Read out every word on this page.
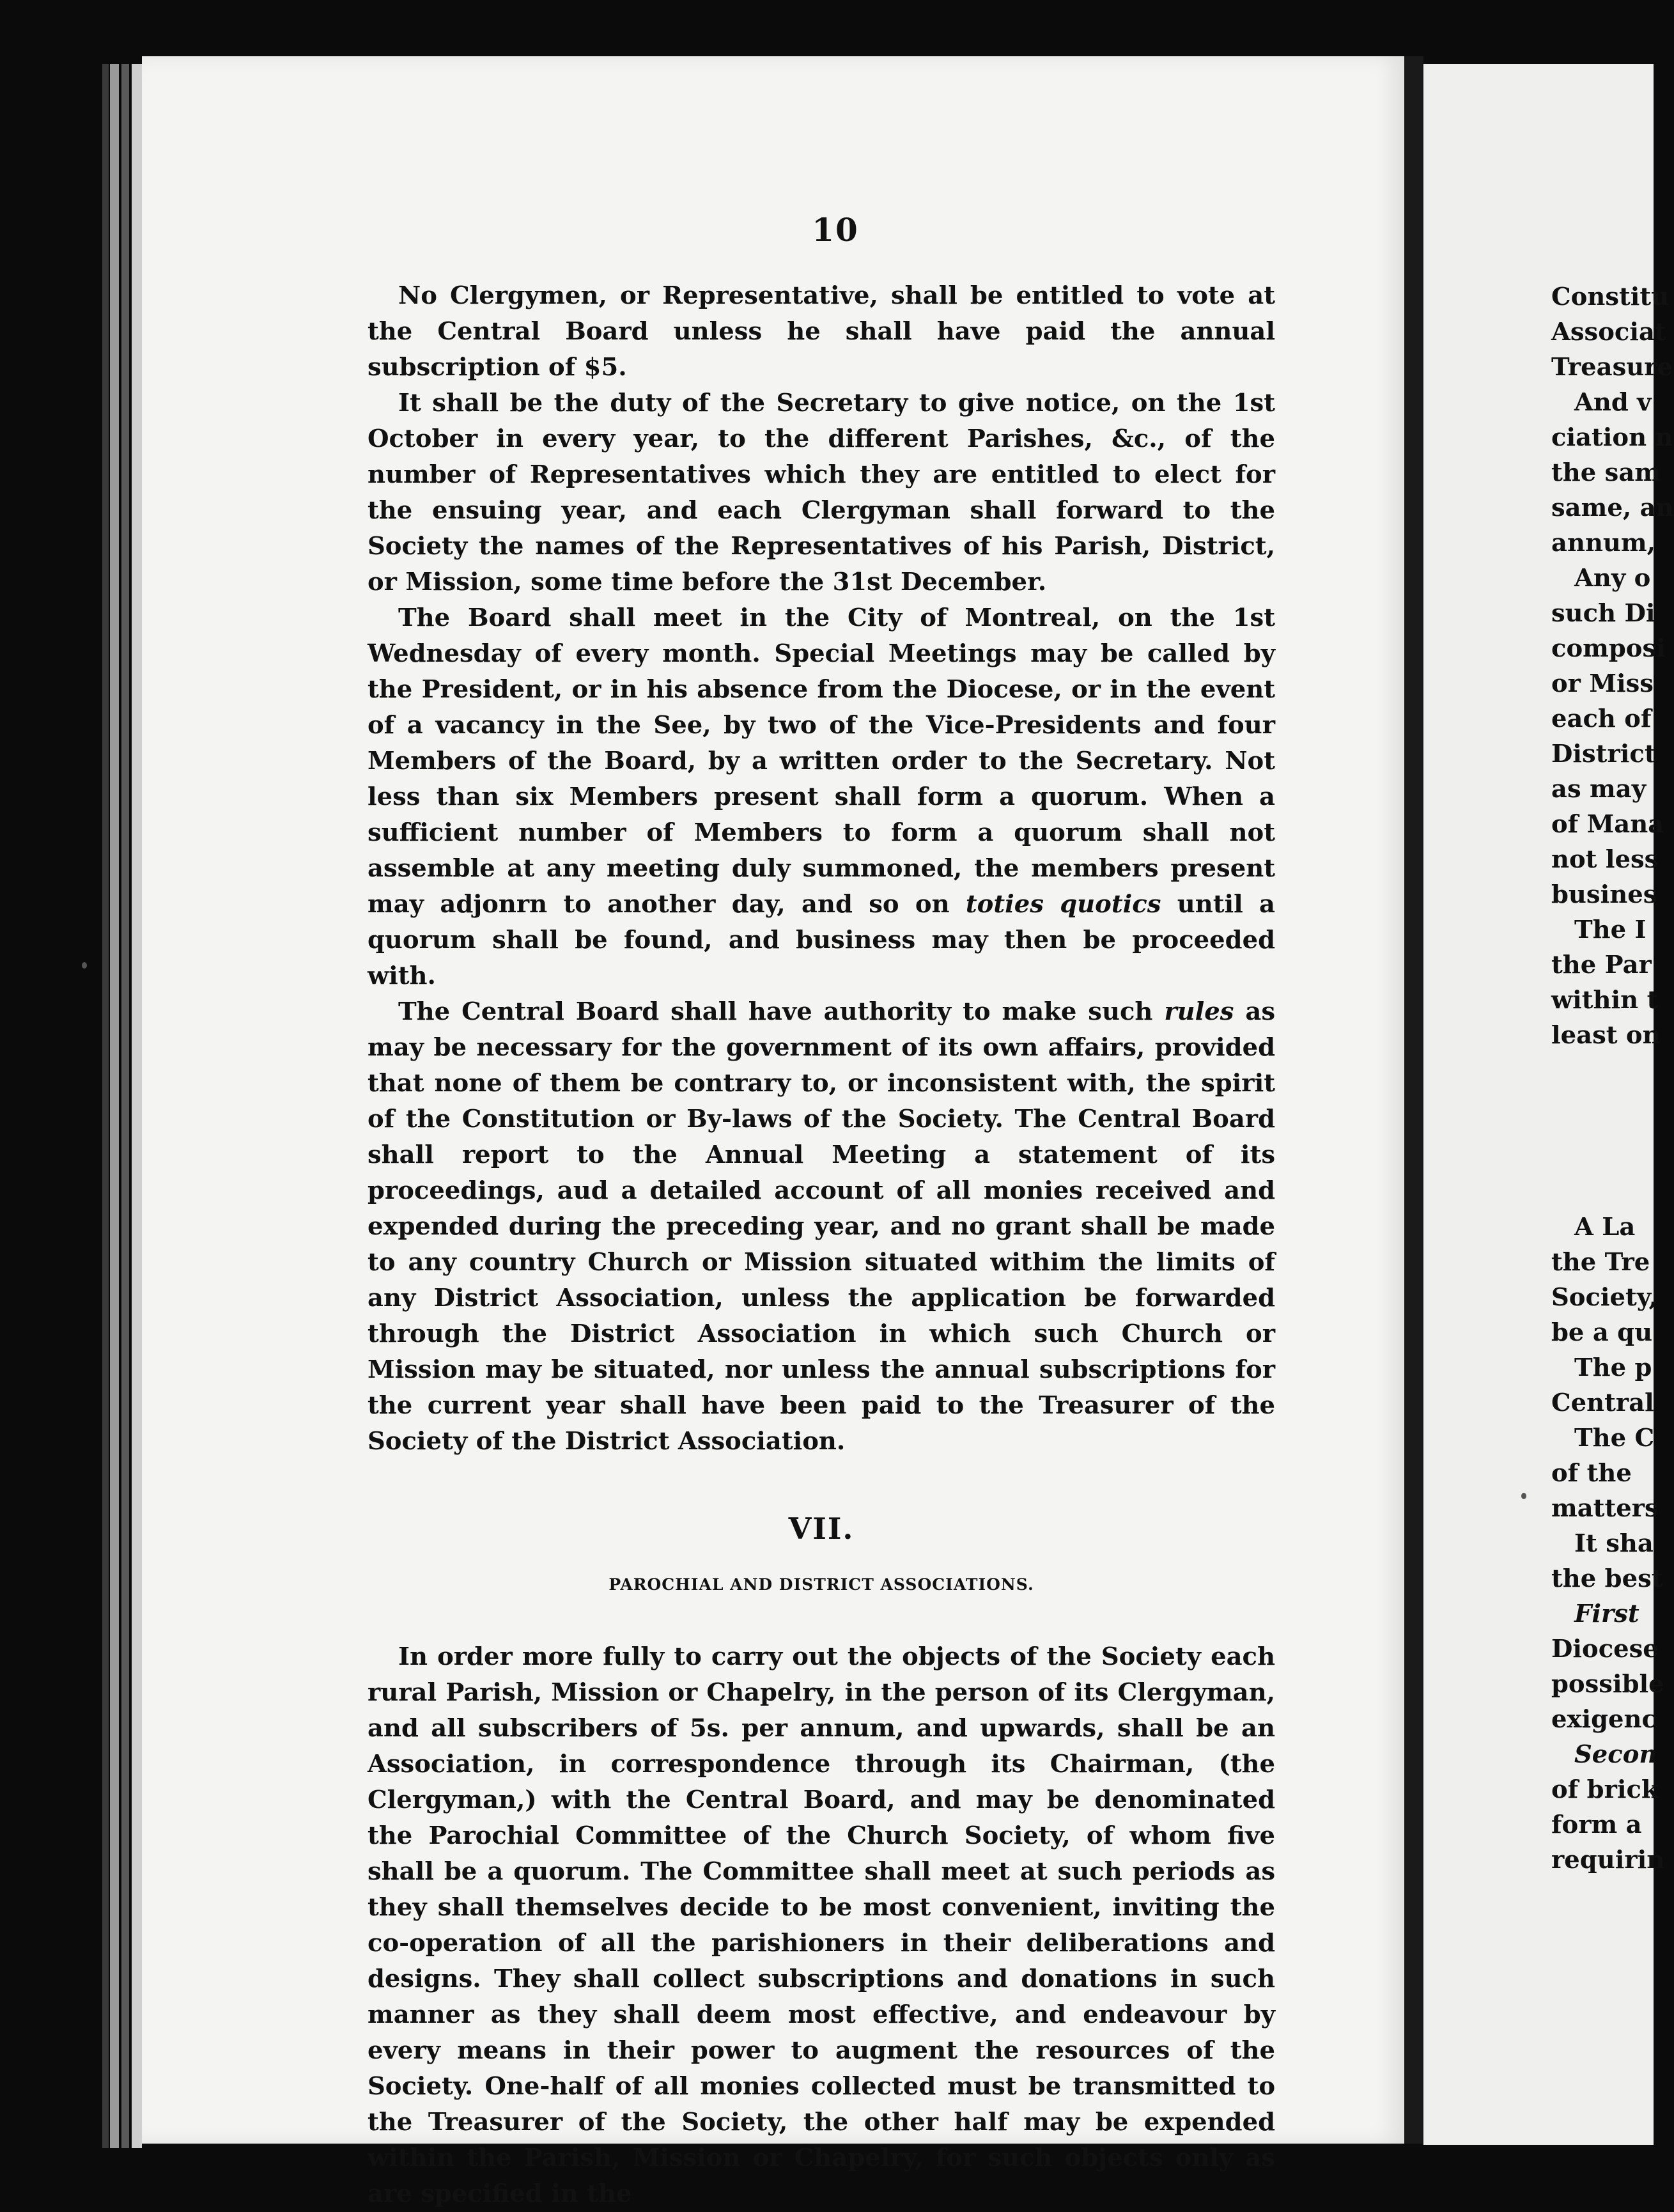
Constitu
Associat
Treasure
And v
ciation n
the sam
same, an
annum,
Any o
such Di
composi
or Miss
each of
District
as may
of Mana
not less
busines
The I
the Par
within t
least on
A La
the Tre
Society,
be a qu
The p
Central
The C
of the
matters
It sha
the best
First
Diocese
possible
exigenc
Secon
of brick
form a
requirin
10

No Clergymen, or Representative, shall be entitled to vote at the Central Board unless he shall have paid the annual subscription of $5.

It shall be the duty of the Secretary to give notice, on the 1st October in every year, to the different Parishes, &c., of the number of Representatives which they are entitled to elect for the ensuing year, and each Clergyman shall forward to the Society the names of the Representatives of his Parish, District, or Mission, some time before the 31st December.

The Board shall meet in the City of Montreal, on the 1st Wednesday of every month. Special Meetings may be called by the President, or in his absence from the Diocese, or in the event of a vacancy in the See, by two of the Vice-Presidents and four Members of the Board, by a written order to the Secretary. Not less than six Members present shall form a quorum. When a sufficient number of Members to form a quorum shall not assemble at any meeting duly summoned, the members present may adjonrn to another day, and so on toties quotics until a quorum shall be found, and business may then be proceeded with.

The Central Board shall have authority to make such rules as may be necessary for the government of its own affairs, provided that none of them be contrary to, or inconsistent with, the spirit of the Constitution or By-laws of the Society. The Central Board shall report to the Annual Meeting a statement of its proceedings, aud a detailed account of all monies received and expended during the preceding year, and no grant shall be made to any country Church or Mission situated withim the limits of any District Association, unless the application be forwarded through the District Association in which such Church or Mission may be situated, nor unless the annual subscriptions for the current year shall have been paid to the Treasurer of the Society of the District Association.

VII.
PAROCHIAL AND DISTRICT ASSOCIATIONS.

In order more fully to carry out the objects of the Society each rural Parish, Mission or Chapelry, in the person of its Clergyman, and all subscribers of 5s. per annum, and upwards, shall be an Association, in correspondence through its Chairman, (the Clergyman,) with the Central Board, and may be denominated the Parochial Committee of the Church Society, of whom five shall be a quorum. The Committee shall meet at such periods as they shall themselves decide to be most convenient, inviting the co-operation of all the parishioners in their deliberations and designs. They shall collect subscriptions and donations in such manner as they shall deem most effective, and endeavour by every means in their power to augment the resources of the Society. One-half of all monies collected must be transmitted to the Treasurer of the Society, the other half may be expended within the Parish, Mission or Chapelry, for such objects only as are specified in the
